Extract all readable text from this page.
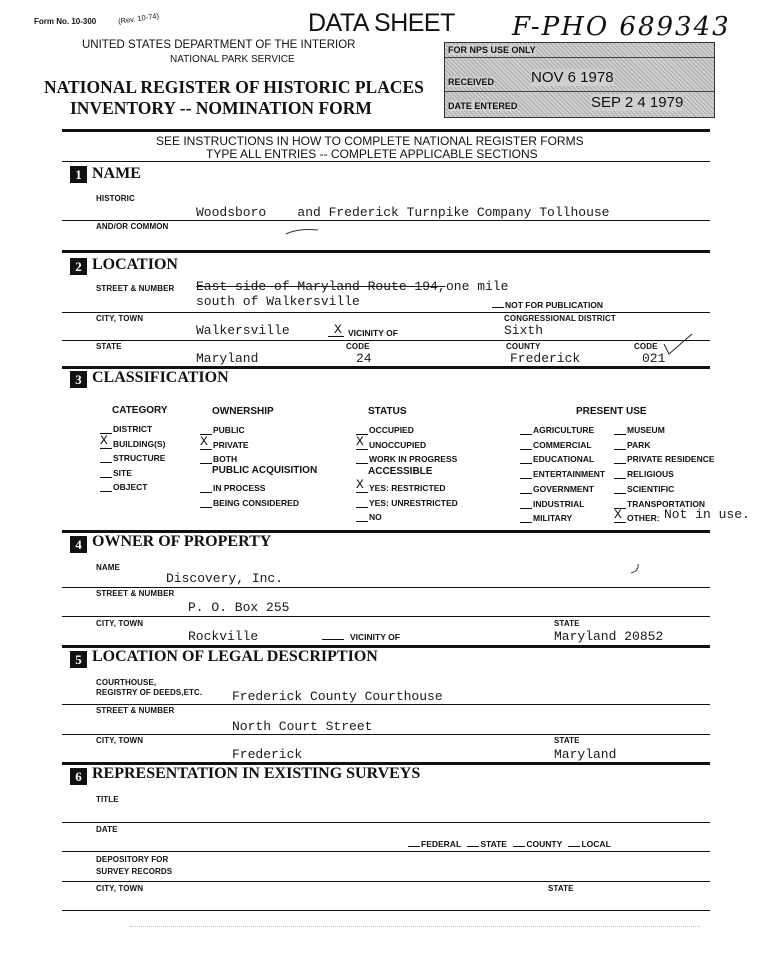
Form No. 10-300	(Rev. 10-74)	DATA SHEET F-PHO 689343
UNITED STATES DEPARTMENT OF THE INTERIOR
NATIONAL PARK SERVICE
NATIONAL REGISTER OF HISTORIC PLACES
INVENTORY -- NOMINATION FORM
FOR NPS USE ONLY
RECEIVED NOV 6 1978
DATE ENTERED	SEP 2 4 1979
SEE INSTRUCTIONS IN HOW TO COMPLETE NATIONAL REGISTER FORMS
TYPE ALL ENTRIES -- COMPLETE APPLICABLE SECTIONS
1 NAME
HISTORIC
Woodsboro    and Frederick Turnpike Company Tollhouse
AND/OR COMMON
2 LOCATION
STREET & NUMBER East side of Maryland Route 194, one mile
south of Walkersville	NOT FOR PUBLICATION
CITY, TOWN
Walkersville	X VICINITY OF
CONGRESSIONAL DISTRICT
Sixth
STATE
Maryland
CODE
24
COUNTY
Frederick
CODE
021
3 CLASSIFICATION
CATEGORY	OWNERSHIP	STATUS	PRESENT USE
PUBLIC ACQUISITION	ACCESSIBLE
DISTRICT
X BUILDING(S)
STRUCTURE
SITE
OBJECT
PUBLIC
X PRIVATE
BOTH
IN PROCESS
BEING CONSIDERED
OCCUPIED
X UNOCCUPIED
WORK IN PROGRESS
X YES: RESTRICTED
YES: UNRESTRICTED
NO
AGRICULTURE
COMMERCIAL
EDUCATIONAL
ENTERTAINMENT
GOVERNMENT
INDUSTRIAL
MILITARY
MUSEUM
PARK
PRIVATE RESIDENCE
RELIGIOUS
SCIENTIFIC
TRANSPORTATION
X OTHER: Not in use.
4 OWNER OF PROPERTY
NAME
Discovery, Inc.
STREET & NUMBER
P. O. Box 255
CITY, TOWN
Rockville	VICINITY OF
STATE
Maryland 20852
5 LOCATION OF LEGAL DESCRIPTION
COURTHOUSE,
REGISTRY OF DEEDS,ETC. Frederick County Courthouse
STREET & NUMBER
North Court Street
CITY, TOWN
Frederick
STATE
Maryland
6 REPRESENTATION IN EXISTING SURVEYS
TITLE
DATE
FEDERAL STATE COUNTY LOCAL
DEPOSITORY FOR
SURVEY RECORDS
CITY, TOWN	STATE
